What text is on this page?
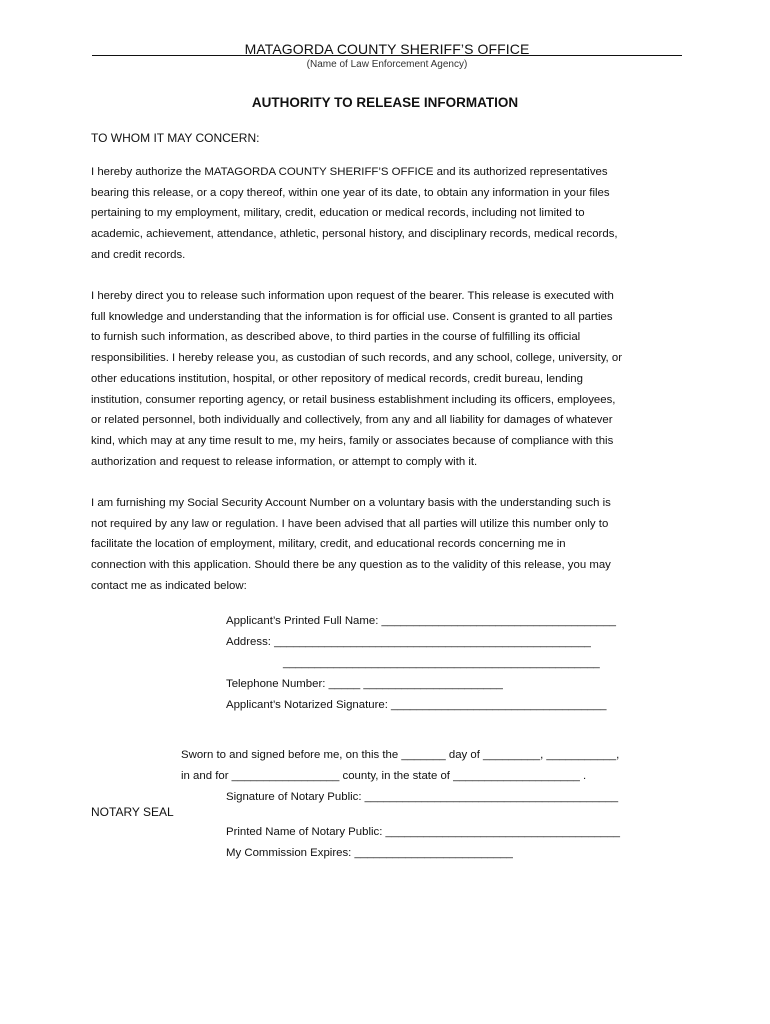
MATAGORDA COUNTY SHERIFF’S OFFICE
(Name of Law Enforcement Agency)
AUTHORITY TO RELEASE INFORMATION
TO WHOM IT MAY CONCERN:

I hereby authorize the MATAGORDA COUNTY SHERIFF’S OFFICE and its authorized representatives
bearing this release, or a copy thereof, within one year of its date, to obtain any information in your files
pertaining to my employment, military, credit, education or medical records, including not limited to
academic, achievement, attendance, athletic, personal history, and disciplinary records, medical records,
and credit records.

I hereby direct you to release such information upon request of the bearer. This release is executed with
full knowledge and understanding that the information is for official use. Consent is granted to all parties
to furnish such information, as described above, to third parties in the course of fulfilling its official
responsibilities. I hereby release you, as custodian of such records, and any school, college, university, or
other educations institution, hospital, or other repository of medical records, credit bureau, lending
institution, consumer reporting agency, or retail business establishment including its officers, employees,
or related personnel, both individually and collectively, from any and all liability for damages of whatever
kind, which may at any time result to me, my heirs, family or associates because of compliance with this
authorization and request to release information, or attempt to comply with it.

I am furnishing my Social Security Account Number on a voluntary basis with the understanding such is
not required by any law or regulation. I have been advised that all parties will utilize this number only to
facilitate the location of employment, military, credit, and educational records concerning me in
connection with this application. Should there be any question as to the validity of this release, you may
contact me as indicated below:

Applicant’s Printed Full Name: _____________________________________
Address: __________________________________________________
__________________________________________________
Telephone Number: _____ ______________________
Applicant’s Notarized Signature: __________________________________
Sworn to and signed before me, on this the _______ day of _________, ___________,
in and for _________________ county, in the state of ____________________ .
Signature of Notary Public: ________________________________________
NOTARY SEAL
Printed Name of Notary Public: _____________________________________
My Commission Expires: _________________________
